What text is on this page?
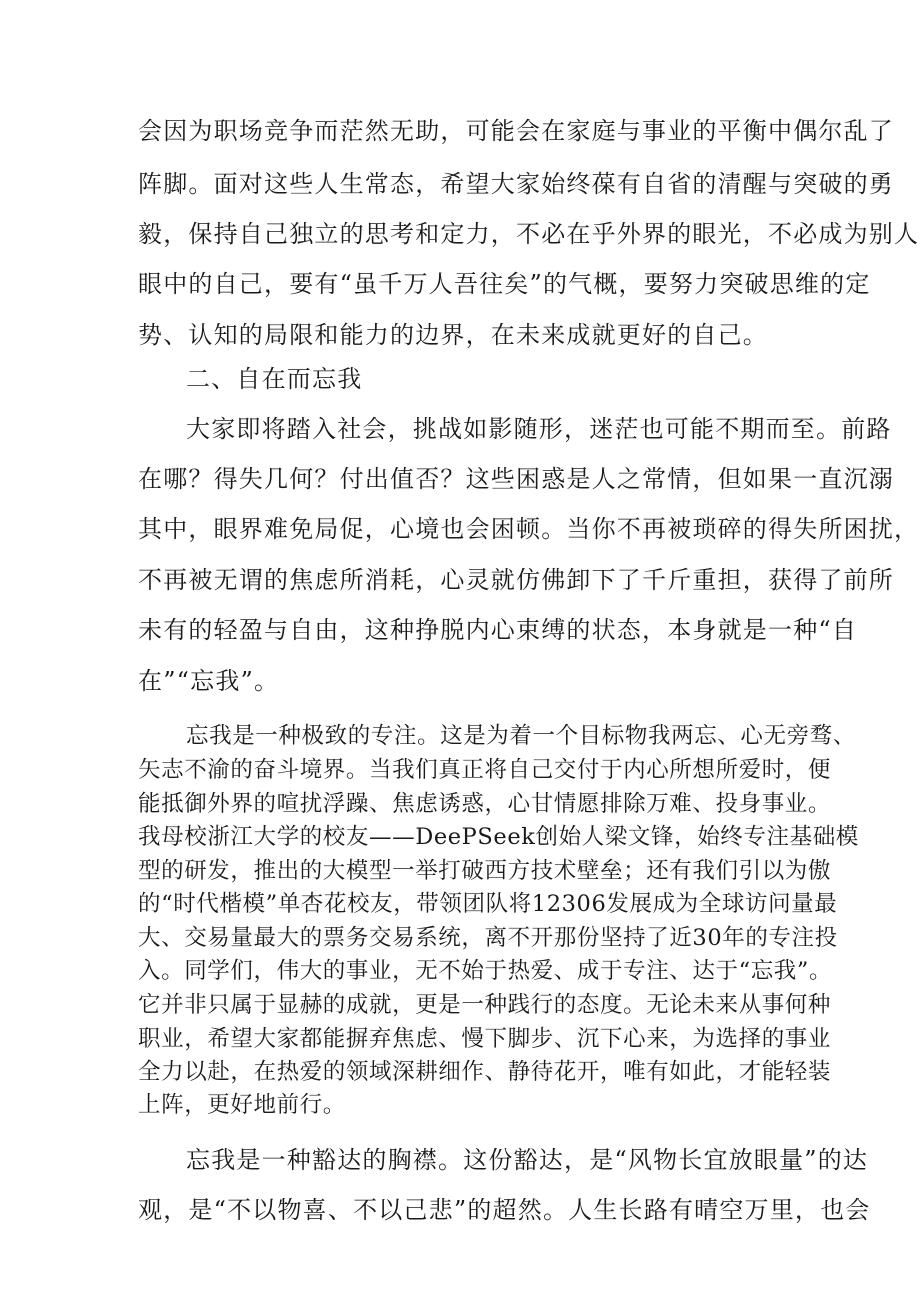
会因为职场竞争而茫然无助，可能会在家庭与事业的平衡中偶尔乱了
阵脚。面对这些人生常态，希望大家始终葆有自省的清醒与突破的勇
毅，保持自己独立的思考和定力，不必在乎外界的眼光，不必成为别人
眼中的自己，要有“虽千万人吾往矣”的气概，要努力突破思维的定
势、认知的局限和能力的边界，在未来成就更好的自己。
二、自在而忘我
大家即将踏入社会，挑战如影随形，迷茫也可能不期而至。前路
在哪？得失几何？付出值否？这些困惑是人之常情，但如果一直沉溺
其中，眼界难免局促，心境也会困顿。当你不再被琐碎的得失所困扰，
不再被无谓的焦虑所消耗，心灵就仿佛卸下了千斤重担，获得了前所
未有的轻盈与自由，这种挣脱内心束缚的状态，本身就是一种“自
在”“忘我”。
忘我是一种极致的专注。这是为着一个目标物我两忘、心无旁骛、
矢志不渝的奋斗境界。当我们真正将自己交付于内心所想所爱时，便
能抵御外界的喧扰浮躁、焦虑诱惑，心甘情愿排除万难、投身事业。
我母校浙江大学的校友——DeePSeek创始人梁文锋，始终专注基础模
型的研发，推出的大模型一举打破西方技术壁垒；还有我们引以为傲
的“时代楷模”单杏花校友，带领团队将12306发展成为全球访问量最
大、交易量最大的票务交易系统，离不开那份坚持了近30年的专注投
入。同学们，伟大的事业，无不始于热爱、成于专注、达于“忘我”。
它并非只属于显赫的成就，更是一种践行的态度。无论未来从事何种
职业，希望大家都能摒弃焦虑、慢下脚步、沉下心来，为选择的事业
全力以赴，在热爱的领域深耕细作、静待花开，唯有如此，才能轻装
上阵，更好地前行。
忘我是一种豁达的胸襟。这份豁达，是“风物长宜放眼量”的达
观，是“不以物喜、不以己悲”的超然。人生长路有晴空万里，也会
